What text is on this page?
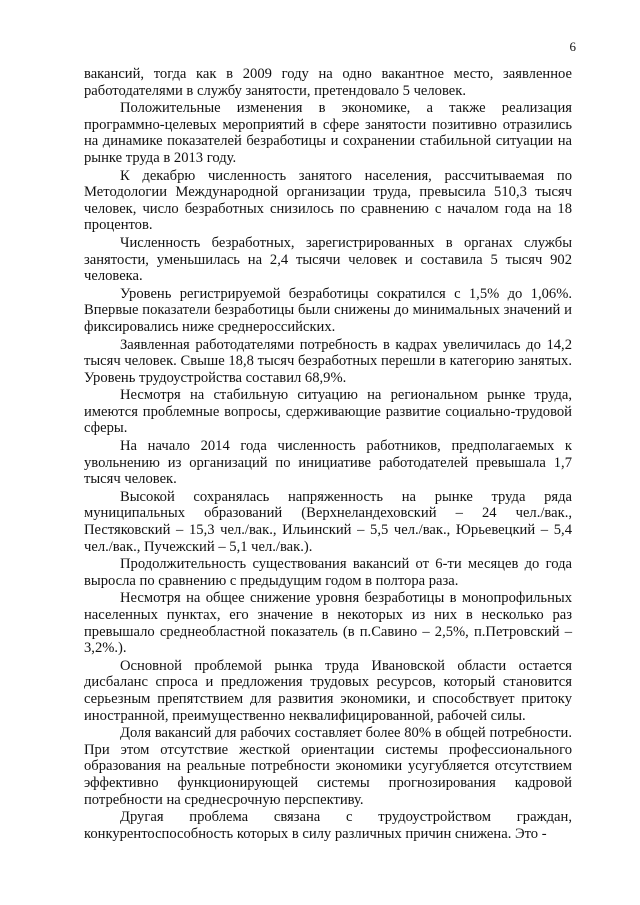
6

вакансий, тогда как в 2009 году на одно вакантное место, заявленное работодателями в службу занятости, претендовало 5 человек.

Положительные изменения в экономике, а также реализация программно-целевых мероприятий в сфере занятости позитивно отразились на динамике показателей безработицы и сохранении стабильной ситуации на рынке труда в 2013 году.

К декабрю численность занятого населения, рассчитываемая по Методологии Международной организации труда, превысила 510,3 тысяч человек, число безработных снизилось по сравнению с началом года на 18 процентов.

Численность безработных, зарегистрированных в органах службы занятости, уменьшилась на 2,4 тысячи человек и составила 5 тысяч 902 человека.

Уровень регистрируемой безработицы сократился с 1,5% до 1,06%. Впервые показатели безработицы были снижены до минимальных значений и фиксировались ниже среднероссийских.

Заявленная работодателями потребность в кадрах увеличилась до 14,2 тысяч человек. Свыше 18,8 тысяч безработных перешли в категорию занятых. Уровень трудоустройства составил 68,9%.

Несмотря на стабильную ситуацию на региональном рынке труда, имеются проблемные вопросы, сдерживающие развитие социально-трудовой сферы.

На начало 2014 года численность работников, предполагаемых к увольнению из организаций по инициативе работодателей превышала 1,7 тысяч человек.

Высокой сохранялась напряженность на рынке труда ряда муниципальных образований (Верхнеландеховский – 24 чел./вак., Пестяковский – 15,3 чел./вак., Ильинский – 5,5 чел./вак., Юрьевецкий – 5,4 чел./вак., Пучежский – 5,1 чел./вак.).

Продолжительность существования вакансий от 6-ти месяцев до года выросла по сравнению с предыдущим годом в полтора раза.

Несмотря на общее снижение уровня безработицы в монопрофильных населенных пунктах, его значение в некоторых из них в несколько раз превышало среднеобластной показатель (в п.Савино – 2,5%, п.Петровский – 3,2%.).

Основной проблемой рынка труда Ивановской области остается дисбаланс спроса и предложения трудовых ресурсов, который становится серьезным препятствием для развития экономики, и способствует притоку иностранной, преимущественно неквалифицированной, рабочей силы.

Доля вакансий для рабочих составляет более 80% в общей потребности. При этом отсутствие жесткой ориентации системы профессионального образования на реальные потребности экономики усугубляется отсутствием эффективно функционирующей системы прогнозирования кадровой потребности на среднесрочную перспективу.

Другая проблема связана с трудоустройством граждан, конкурентоспособность которых в силу различных причин снижена. Это -
